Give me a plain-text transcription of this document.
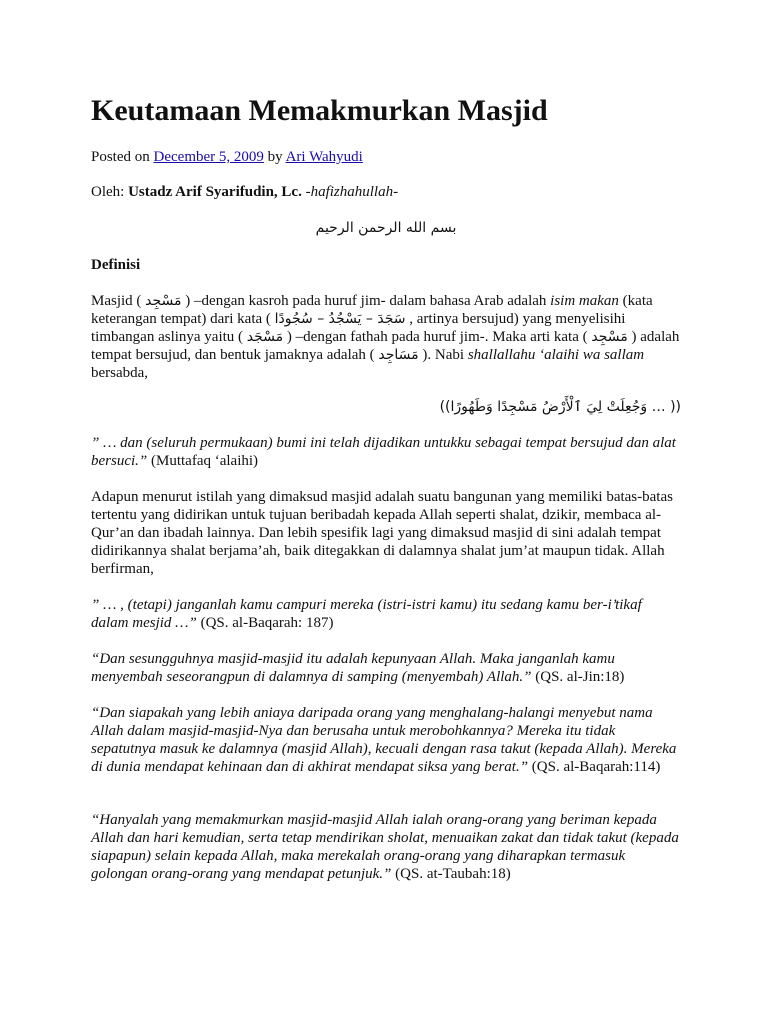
Keutamaan Memakmurkan Masjid

Posted on December 5, 2009 by Ari Wahyudi

Oleh: Ustadz Arif Syarifudin, Lc. -hafizhahullah-

بسم الله الرحمن الرحيم

Definisi

Masjid ( مَسْجِد ) –dengan kasroh pada huruf jim- dalam bahasa Arab adalah isim makan (kata keterangan tempat) dari kata ( سَجَدَ – يَسْجُدُ – سُجُودًا , artinya bersujud) yang menyelisihi timbangan aslinya yaitu ( مَسْجَد ) –dengan fathah pada huruf jim-. Maka arti kata ( مَسْجِد ) adalah tempat bersujud, dan bentuk jamaknya adalah ( مَسَاجِد ). Nabi shallallahu ‘alaihi wa sallam bersabda,

((وَجُعِلَتْ لِيَ ٱلْأَرْضُ مَسْجِدًا وَطَهُورًا … ))

” … dan (seluruh permukaan) bumi ini telah dijadikan untukku sebagai tempat bersujud dan alat bersuci.” (Muttafaq ‘alaihi)

Adapun menurut istilah yang dimaksud masjid adalah suatu bangunan yang memiliki batas-batas tertentu yang didirikan untuk tujuan beribadah kepada Allah seperti shalat, dzikir, membaca al-Qur’an dan ibadah lainnya. Dan lebih spesifik lagi yang dimaksud masjid di sini adalah tempat didirikannya shalat berjama’ah, baik ditegakkan di dalamnya shalat jum’at maupun tidak. Allah berfirman,

” … , (tetapi) janganlah kamu campuri mereka (istri-istri kamu) itu sedang kamu ber-i’tikaf dalam mesjid …” (QS. al-Baqarah: 187)

“Dan sesungguhnya masjid-masjid itu adalah kepunyaan Allah. Maka janganlah kamu menyembah seseorangpun di dalamnya di samping (menyembah) Allah.” (QS. al-Jin:18)

“Dan siapakah yang lebih aniaya daripada orang yang menghalang-halangi menyebut nama Allah dalam masjid-masjid-Nya dan berusaha untuk merobohkannya? Mereka itu tidak sepatutnya masuk ke dalamnya (masjid Allah), kecuali dengan rasa takut (kepada Allah). Mereka di dunia mendapat kehinaan dan di akhirat mendapat siksa yang berat.” (QS. al-Baqarah:114)

“Hanyalah yang memakmurkan masjid-masjid Allah ialah orang-orang yang beriman kepada Allah dan hari kemudian, serta tetap mendirikan sholat, menuaikan zakat dan tidak takut (kepada siapapun) selain kepada Allah, maka merekalah orang-orang yang diharapkan termasuk golongan orang-orang yang mendapat petunjuk.” (QS. at-Taubah:18)
